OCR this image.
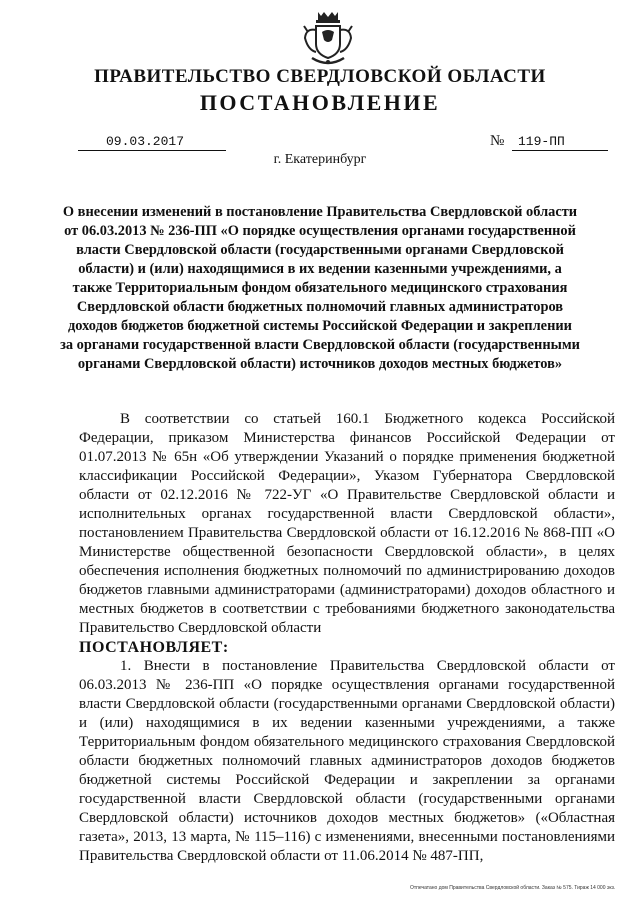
ПРАВИТЕЛЬСТВО СВЕРДЛОВСКОЙ ОБЛАСТИ
ПОСТАНОВЛЕНИЕ
09.03.2017	№	119-ПП
г. Екатеринбург
О внесении изменений в постановление Правительства Свердловской области от 06.03.2013 № 236-ПП «О порядке осуществления органами государственной власти Свердловской области (государственными органами Свердловской области) и (или) находящимися в их ведении казенными учреждениями, а также Территориальным фондом обязательного медицинского страхования Свердловской области бюджетных полномочий главных администраторов доходов бюджетов бюджетной системы Российской Федерации и закреплении за органами государственной власти Свердловской области (государственными органами Свердловской области) источников доходов местных бюджетов»

В соответствии со статьей 160.1 Бюджетного кодекса Российской Федерации, приказом Министерства финансов Российской Федерации от 01.07.2013 № 65н «Об утверждении Указаний о порядке применения бюджетной классификации Российской Федерации», Указом Губернатора Свердловской области от 02.12.2016 № 722-УГ «О Правительстве Свердловской области и исполнительных органах государственной власти Свердловской области», постановлением Правительства Свердловской области от 16.12.2016 № 868-ПП «О Министерстве общественной безопасности Свердловской области», в целях обеспечения исполнения бюджетных полномочий по администрированию доходов бюджетов главными администраторами (администраторами) доходов областного и местных бюджетов в соответствии с требованиями бюджетного законодательства Правительство Свердловской области

ПОСТАНОВЛЯЕТ:

1. Внести в постановление Правительства Свердловской области от 06.03.2013 № 236-ПП «О порядке осуществления органами государственной власти Свердловской области (государственными органами Свердловской области) и (или) находящимися в их ведении казенными учреждениями, а также Территориальным фондом обязательного медицинского страхования Свердловской области бюджетных полномочий главных администраторов доходов бюджетов бюджетной системы Российской Федерации и закреплении за органами государственной власти Свердловской области (государственными органами Свердловской области) источников доходов местных бюджетов» («Областная газета», 2013, 13 марта, № 115–116) с изменениями, внесенными постановлениями Правительства Свердловской области от 11.06.2014 № 487-ПП,

Отпечатано дом Правительства Свердловской области. Заказ № 575. Тираж 14 000 экз.
